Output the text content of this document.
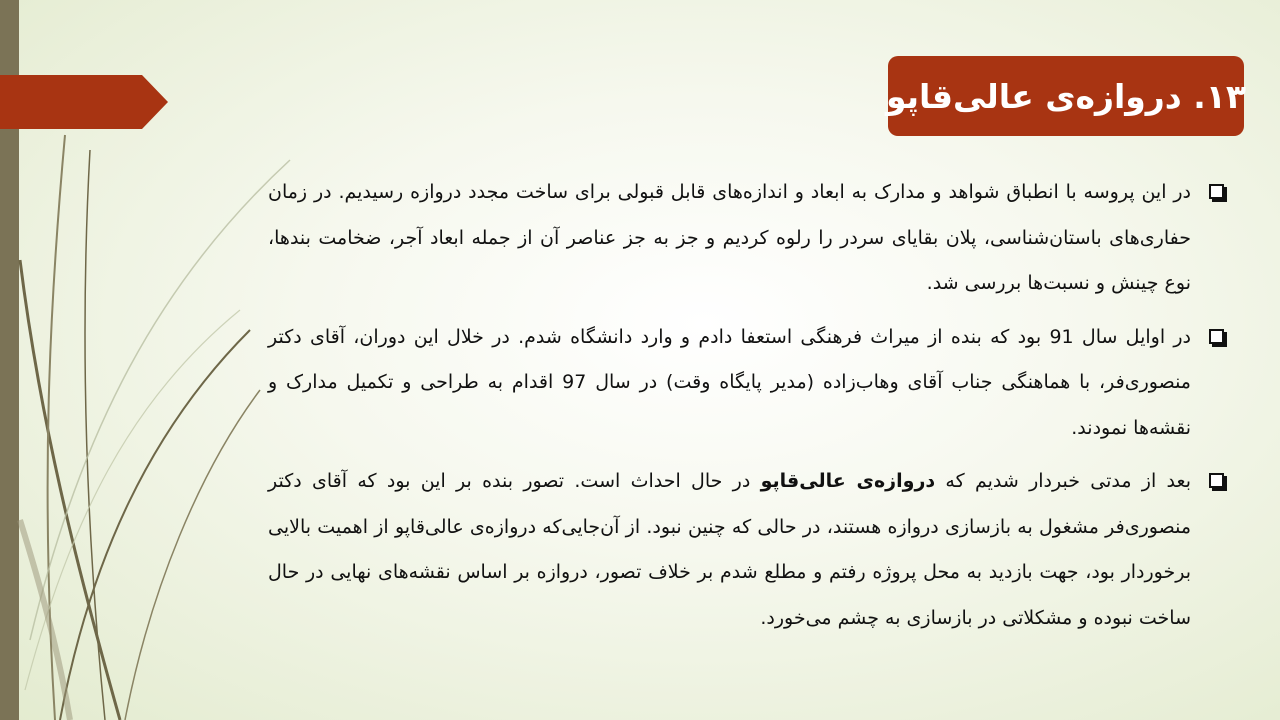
۱۳. دروازه‌ی عالی‌قاپو
در این پروسه با انطباق شواهد و مدارک به ابعاد و اندازه‌های قابل قبولی برای ساخت مجدد دروازه رسیدیم. در زمان حفاری‌های باستان‌شناسی، پلان بقایای سردر را رلوه کردیم و جز به جز عناصر آن از جمله ابعاد آجر، ضخامت بندها، نوع چینش و نسبت‌ها بررسی شد.
در اوایل سال 91 بود که بنده از میراث فرهنگی استعفا دادم و وارد دانشگاه شدم. در خلال این دوران، آقای دکتر منصوری‌فر، با هماهنگی جناب آقای وهاب‌زاده (مدیر پایگاه وقت) در سال 97 اقدام به طراحی و تکمیل مدارک و نقشه‌ها نمودند.
بعد از مدتی خبردار شدیم که دروازه‌ی عالی‌قاپو در حال احداث است. تصور بنده بر این بود که آقای دکتر منصوری‌فر مشغول به بازسازی دروازه هستند، در حالی که چنین نبود. از آن‌جایی‌که دروازه‌ی عالی‌قاپو از اهمیت بالایی برخوردار بود، جهت بازدید به محل پروژه رفتم و مطلع شدم بر خلاف تصور، دروازه بر اساس نقشه‌های نهایی در حال ساخت نبوده و مشکلاتی در بازسازی به چشم می‌خورد.
